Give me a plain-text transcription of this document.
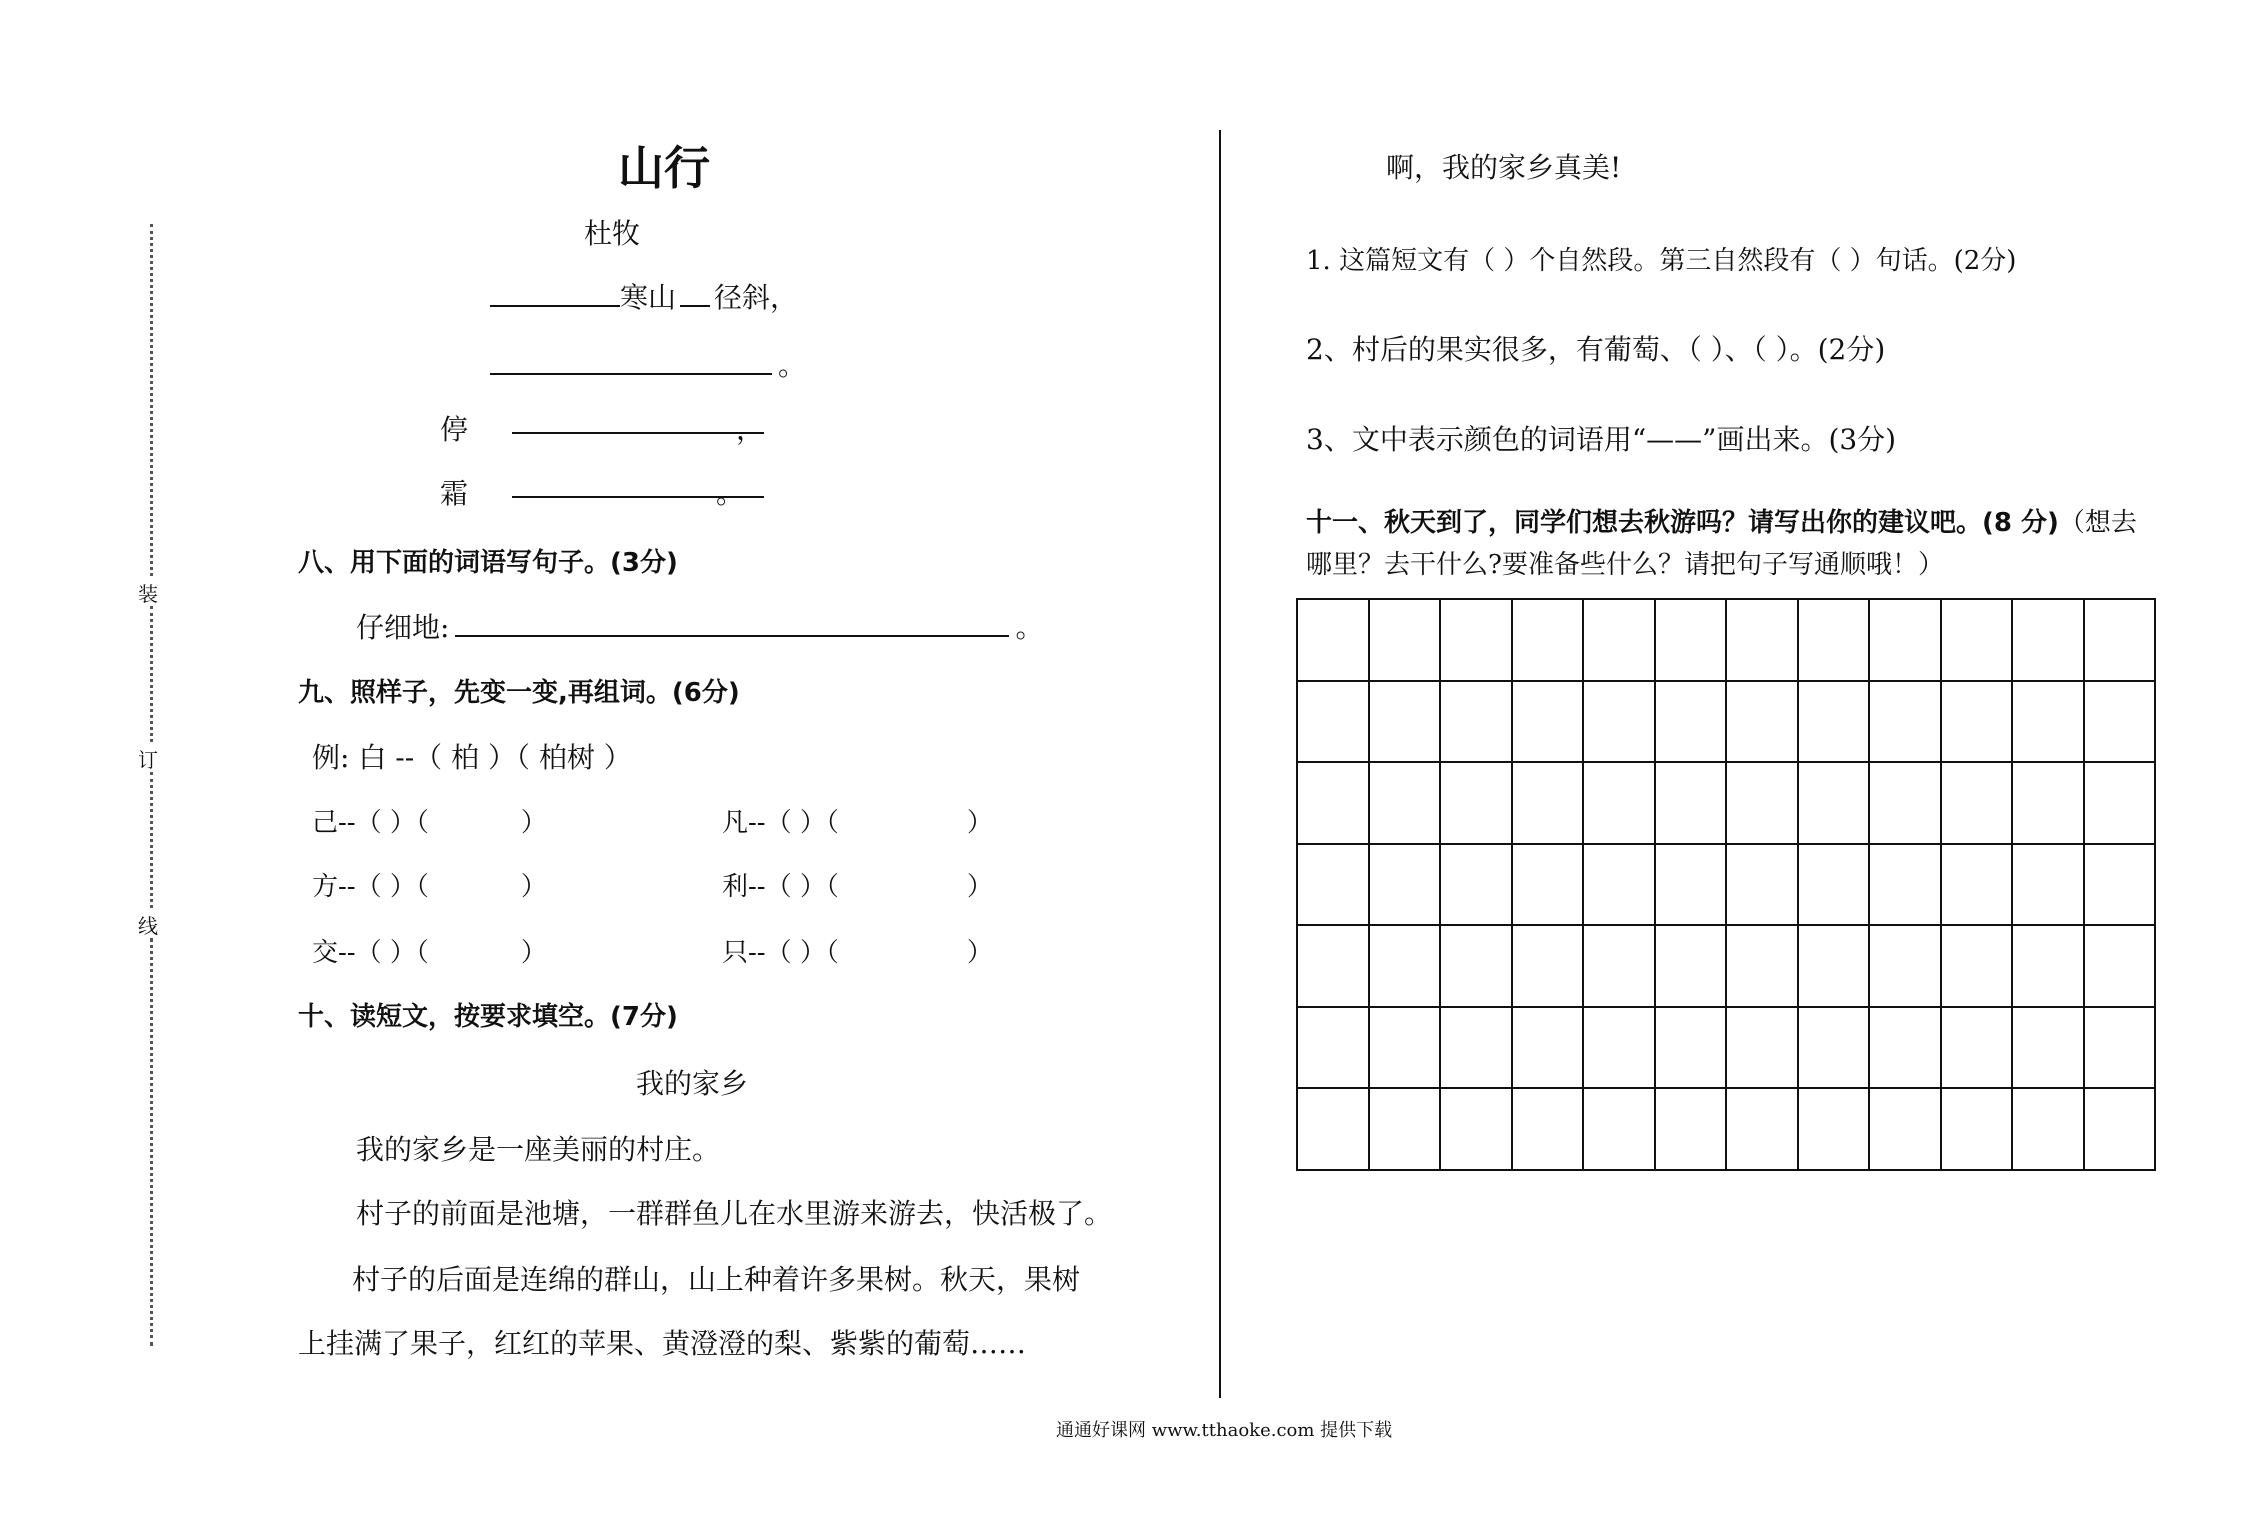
装
订
线
山行
杜牧
寒山 径斜，
。
停	，
霜	。
八、用下面的词语写句子。(3分)
仔细地:	。
九、照样子，先变一变,再组词。(6分)
例: 白 --（ 柏 ）（ 柏树 ）
己--（ ）（	）	凡--（ ）（	）
方--（ ）（	）	利--（ ）（	）
交--（ ）（	）	只--（ ）（	）
十、读短文，按要求填空。(7分)
我的家乡
我的家乡是一座美丽的村庄。
村子的前面是池塘，一群群鱼儿在水里游来游去，快活极了。
村子的后面是连绵的群山，山上种着许多果树。秋天，果树
上挂满了果子，红红的苹果、黄澄澄的梨、紫紫的葡萄……
啊，我的家乡真美!
1. 这篇短文有（ ）个自然段。第三自然段有（ ）句话。(2分)
2、村后的果实很多，有葡萄、（ ）、（ ）。(2分)
3、文中表示颜色的词语用“——”画出来。(3分)
十一、秋天到了，同学们想去秋游吗？请写出你的建议吧。(8 分)（想去
哪里？去干什么?要准备些什么？请把句子写通顺哦！）

通通好课网 www.tthaoke.com 提供下载
